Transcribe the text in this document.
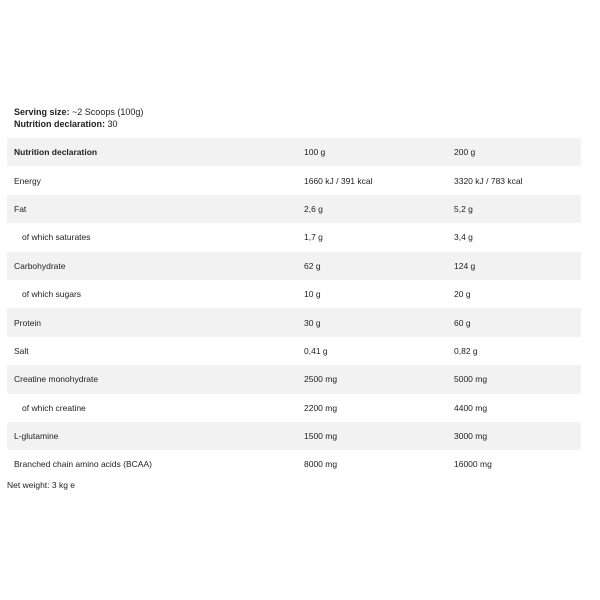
Serving size: ~2 Scoops (100g)
Nutrition declaration: 30
Nutrition declaration	100 g	200 g
Energy	1660 kJ / 391 kcal	3320 kJ / 783 kcal
Fat	2,6 g	5,2 g
of which saturates	1,7 g	3,4 g
Carbohydrate	62 g	124 g
of which sugars	10 g	20 g
Protein	30 g	60 g
Salt	0,41 g	0,82 g
Creatine monohydrate	2500 mg	5000 mg
of which creatine	2200 mg	4400 mg
L-glutamine	1500 mg	3000 mg
Branched chain amino acids (BCAA)	8000 mg	16000 mg
Net weight: 3 kg e
